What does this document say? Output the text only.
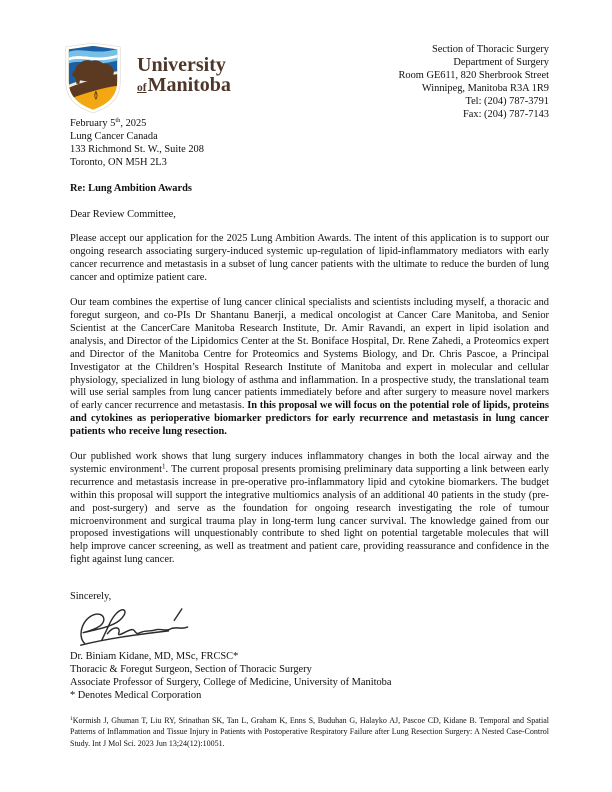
University
ofManitoba
Section of Thoracic Surgery
Department of Surgery
Room GE611, 820 Sherbrook Street
Winnipeg, Manitoba R3A 1R9
Tel: (204) 787-3791
Fax: (204) 787-7143
February 5th, 2025
Lung Cancer Canada
133 Richmond St. W., Suite 208
Toronto, ON M5H 2L3
Re: Lung Ambition Awards
Dear Review Committee,

Please accept our application for the 2025 Lung Ambition Awards. The intent of this application is to support our ongoing research associating surgery-induced systemic up-regulation of lipid-inflammatory mediators with early cancer recurrence and metastasis in a subset of lung cancer patients with the ultimate to reduce the burden of lung cancer and optimize patient care.

Our team combines the expertise of lung cancer clinical specialists and scientists including myself, a thoracic and foregut surgeon, and co-PIs Dr Shantanu Banerji, a medical oncologist at Cancer Care Manitoba, and Senior Scientist at the CancerCare Manitoba Research Institute, Dr. Amir Ravandi, an expert in lipid isolation and analysis, and Director of the Lipidomics Center at the St. Boniface Hospital, Dr. Rene Zahedi, a Proteomics expert and Director of the Manitoba Centre for Proteomics and Systems Biology, and Dr. Chris Pascoe, a Principal Investigator at the Children’s Hospital Research Institute of Manitoba and expert in molecular and cellular physiology, specialized in lung biology of asthma and inflammation. In a prospective study, the translational team will use serial samples from lung cancer patients immediately before and after surgery to measure novel markers of early cancer recurrence and metastasis. In this proposal we will focus on the potential role of lipids, proteins and cytokines as perioperative biomarker predictors for early recurrence and metastasis in lung cancer patients who receive lung resection.

Our published work shows that lung surgery induces inflammatory changes in both the local airway and the systemic environment$^1$. The current proposal presents promising preliminary data supporting a link between early recurrence and metastasis increase in pre-operative pro-inflammatory lipid and cytokine biomarkers. The budget within this proposal will support the integrative multiomics analysis of an additional 40 patients in the study (pre- and post-surgery) and serve as the foundation for ongoing research investigating the role of tumour microenvironment and surgical trauma play in long-term lung cancer survival. The knowledge gained from our proposed investigations will unquestionably contribute to shed light on potential targetable molecules that will help improve cancer screening, as well as treatment and patient care, providing reassurance and confidence in the fight against lung cancer.

Sincerely,
Dr. Biniam Kidane, MD, MSc, FRCSC*
Thoracic & Foregut Surgeon, Section of Thoracic Surgery
Associate Professor of Surgery, College of Medicine, University of Manitoba
* Denotes Medical Corporation
$^1$Kormish J, Ghuman T, Liu RY, Srinathan SK, Tan L, Graham K, Enns S, Buduhan G, Halayko AJ, Pascoe CD, Kidane B. Temporal and Spatial Patterns of Inflammation and Tissue Injury in Patients with Postoperative Respiratory Failure after Lung Resection Surgery: A Nested Case-Control Study. Int J Mol Sci. 2023 Jun 13;24(12):10051.
